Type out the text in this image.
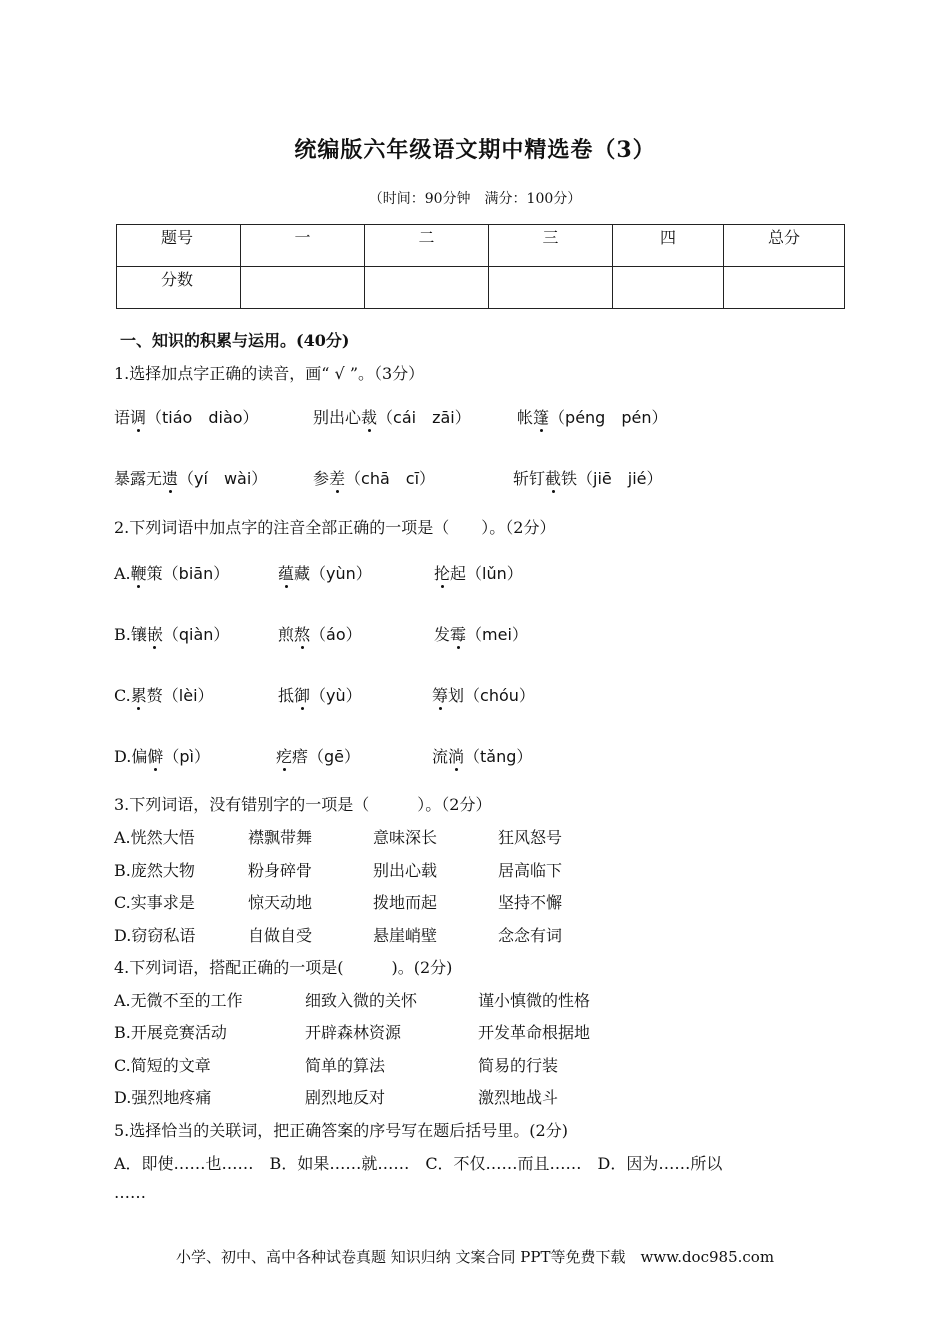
统编版六年级语文期中精选卷（3）
（时间：90分钟　满分：100分）
题号	一	二	三	四	总分
分数					
一、知识的积累与运用。(40分)
1.选择加点字正确的读音，画“ √ ”。（3分）
语调（tiáo　diào）	别出心裁（cái　zāi）	帐篷（péng　pén）
暴露无遗（yí　wài）	参差（chā　cī）	斩钉截铁（jiē　jié）
2.下列词语中加点字的注音全部正确的一项是（　　）。（2分）
A.鞭策（biān）	蕴藏（yùn）	抡起（lǔn）
B.镶嵌（qiàn）	煎熬（áo）	发霉（mei）
C.累赘（lèi）	抵御（yù）	筹划（chóu）
D.偏僻（pì）	疙瘩（gē）	流淌（tǎng）
3.下列词语，没有错别字的一项是（　　　）。（2分）
A.恍然大悟	襟飘带舞	意味深长	狂风怒号
B.庞然大物	粉身碎骨	别出心载	居高临下
C.实事求是	惊天动地	拨地而起	坚持不懈
D.窃窃私语	自做自受	悬崖峭壁	念念有词
4.下列词语，搭配正确的一项是(　　　)。(2分)
A.无微不至的工作	细致入微的关怀	谨小慎微的性格
B.开展竞赛活动	开辟森林资源	开发革命根据地
C.简短的文章	简单的算法	简易的行装
D.强烈地疼痛	剧烈地反对	激烈地战斗
5.选择恰当的关联词，把正确答案的序号写在题后括号里。(2分)
A．即使……也……　B．如果……就……　C．不仅……而且……　D．因为……所以
……
小学、初中、高中各种试卷真题 知识归纳 文案合同 PPT等免费下载　www.doc985.com
